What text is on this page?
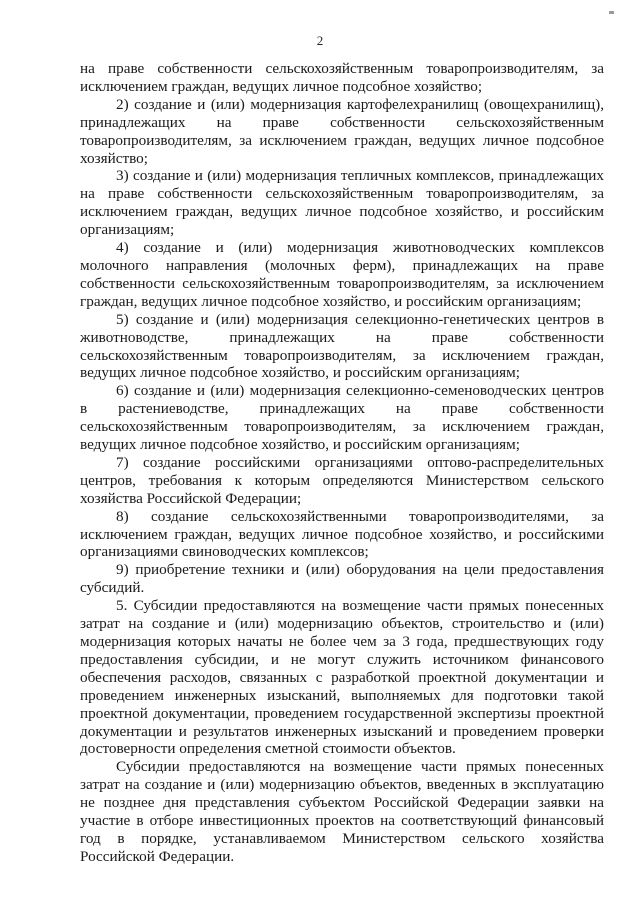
2

на праве собственности сельскохозяйственным товаропроизводителям, за исключением граждан, ведущих личное подсобное хозяйство;

2) создание и (или) модернизация картофелехранилищ (овощехранилищ), принадлежащих на праве собственности сельскохозяйственным товаропроизводителям, за исключением граждан, ведущих личное подсобное хозяйство;

3) создание и (или) модернизация тепличных комплексов, принадлежащих на праве собственности сельскохозяйственным товаропроизводителям, за исключением граждан, ведущих личное подсобное хозяйство, и российским организациям;

4) создание и (или) модернизация животноводческих комплексов молочного направления (молочных ферм), принадлежащих на праве собственности сельскохозяйственным товаропроизводителям, за исключением граждан, ведущих личное подсобное хозяйство, и российским организациям;

5) создание и (или) модернизация селекционно-генетических центров в животноводстве, принадлежащих на праве собственности сельскохозяйственным товаропроизводителям, за исключением граждан, ведущих личное подсобное хозяйство, и российским организациям;

6) создание и (или) модернизация селекционно-семеноводческих центров в растениеводстве, принадлежащих на праве собственности сельскохозяйственным товаропроизводителям, за исключением граждан, ведущих личное подсобное хозяйство, и российским организациям;

7) создание российскими организациями оптово-распределительных центров, требования к которым определяются Министерством сельского хозяйства Российской Федерации;

8) создание сельскохозяйственными товаропроизводителями, за исключением граждан, ведущих личное подсобное хозяйство, и российскими организациями свиноводческих комплексов;

9) приобретение техники и (или) оборудования на цели предоставления субсидий.

5. Субсидии предоставляются на возмещение части прямых понесенных затрат на создание и (или) модернизацию объектов, строительство и (или) модернизация которых начаты не более чем за 3 года, предшествующих году предоставления субсидии, и не могут служить источником финансового обеспечения расходов, связанных с разработкой проектной документации и проведением инженерных изысканий, выполняемых для подготовки такой проектной документации, проведением государственной экспертизы проектной документации и результатов инженерных изысканий и проведением проверки достоверности определения сметной стоимости объектов.

Субсидии предоставляются на возмещение части прямых понесенных затрат на создание и (или) модернизацию объектов, введенных в эксплуатацию не позднее дня представления субъектом Российской Федерации заявки на участие в отборе инвестиционных проектов на соответствующий финансовый год в порядке, устанавливаемом Министерством сельского хозяйства Российской Федерации.
